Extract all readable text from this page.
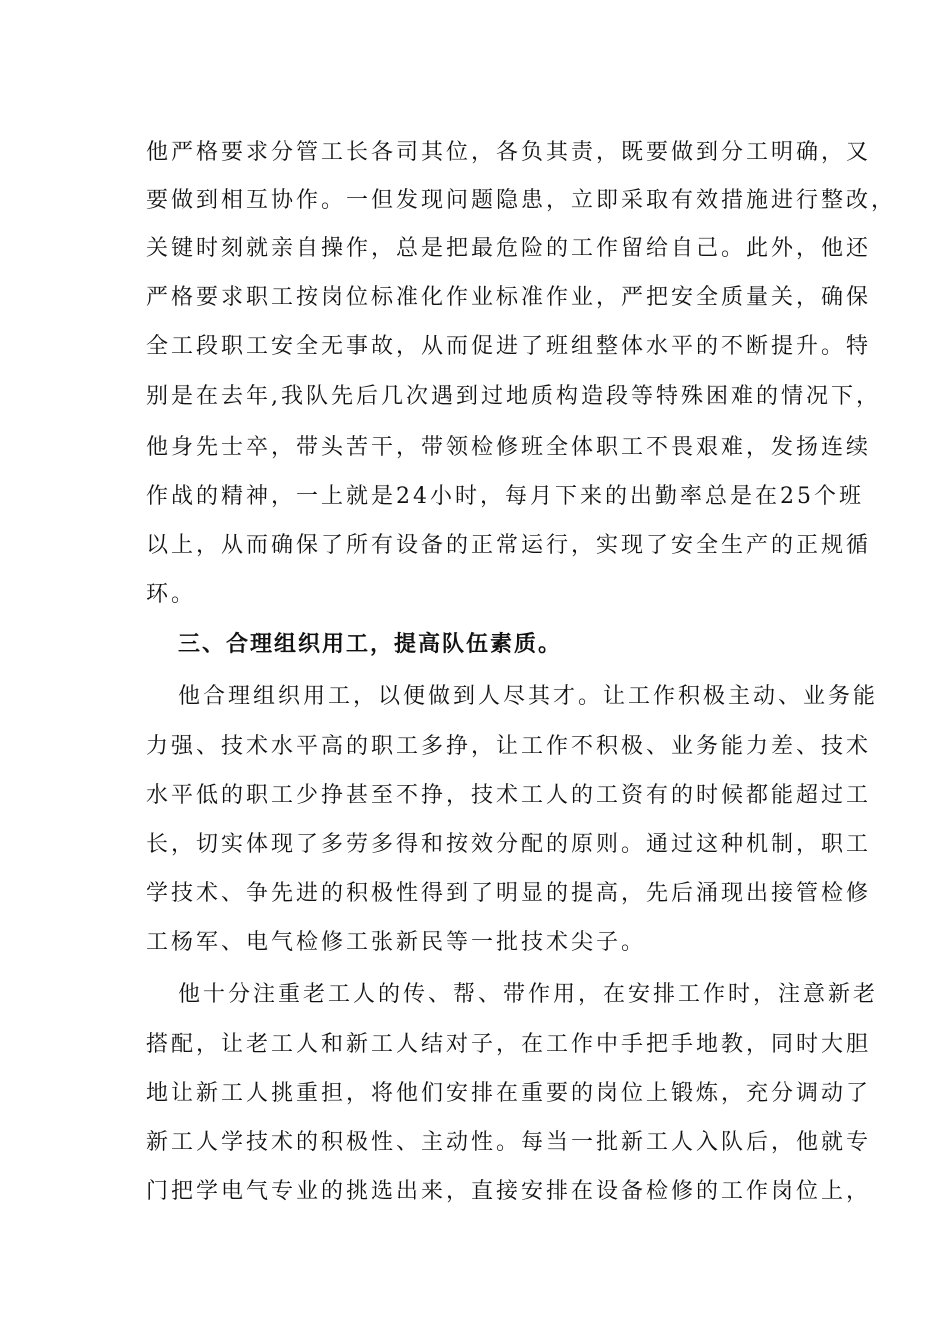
他严格要求分管工长各司其位，各负其责，既要做到分工明确，又
要做到相互协作。一但发现问题隐患，立即采取有效措施进行整改，
关键时刻就亲自操作，总是把最危险的工作留给自己。此外，他还
严格要求职工按岗位标准化作业标准作业，严把安全质量关，确保
全工段职工安全无事故，从而促进了班组整体水平的不断提升。特
别是在去年,我队先后几次遇到过地质构造段等特殊困难的情况下，
他身先士卒，带头苦干，带领检修班全体职工不畏艰难，发扬连续
作战的精神，一上就是24小时，每月下来的出勤率总是在25个班
以上，从而确保了所有设备的正常运行，实现了安全生产的正规循
环。
三、合理组织用工，提高队伍素质。
他合理组织用工，以便做到人尽其才。让工作积极主动、业务能
力强、技术水平高的职工多挣，让工作不积极、业务能力差、技术
水平低的职工少挣甚至不挣，技术工人的工资有的时候都能超过工
长，切实体现了多劳多得和按效分配的原则。通过这种机制，职工
学技术、争先进的积极性得到了明显的提高，先后涌现出接管检修
工杨军、电气检修工张新民等一批技术尖子。
他十分注重老工人的传、帮、带作用，在安排工作时，注意新老
搭配，让老工人和新工人结对子，在工作中手把手地教，同时大胆
地让新工人挑重担，将他们安排在重要的岗位上锻炼，充分调动了
新工人学技术的积极性、主动性。每当一批新工人入队后，他就专
门把学电气专业的挑选出来，直接安排在设备检修的工作岗位上，
